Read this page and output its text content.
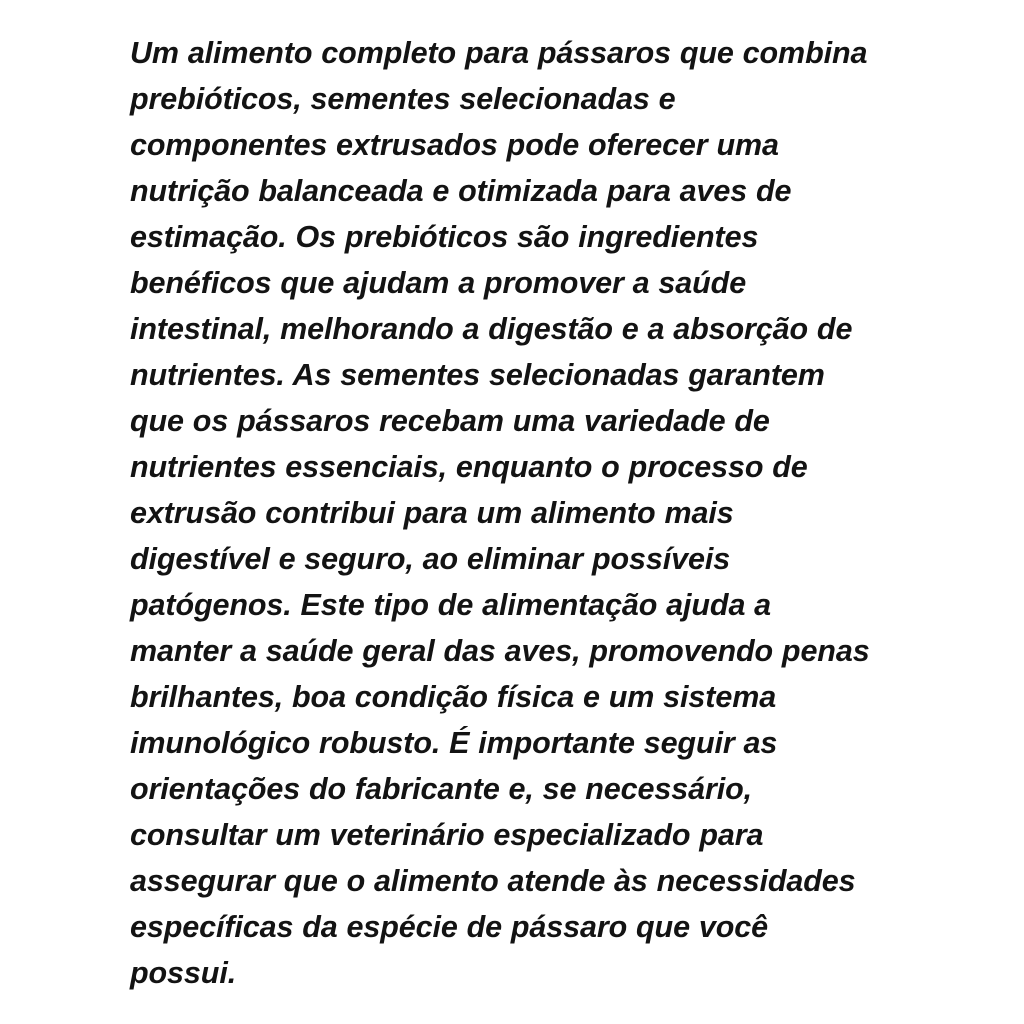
Um alimento completo para pássaros que combina prebióticos, sementes selecionadas e componentes extrusados pode oferecer uma nutrição balanceada e otimizada para aves de estimação. Os prebióticos são ingredientes benéficos que ajudam a promover a saúde intestinal, melhorando a digestão e a absorção de nutrientes. As sementes selecionadas garantem que os pássaros recebam uma variedade de nutrientes essenciais, enquanto o processo de extrusão contribui para um alimento mais digestível e seguro, ao eliminar possíveis patógenos. Este tipo de alimentação ajuda a manter a saúde geral das aves, promovendo penas brilhantes, boa condição física e um sistema imunológico robusto. É importante seguir as orientações do fabricante e, se necessário, consultar um veterinário especializado para assegurar que o alimento atende às necessidades específicas da espécie de pássaro que você possui.
